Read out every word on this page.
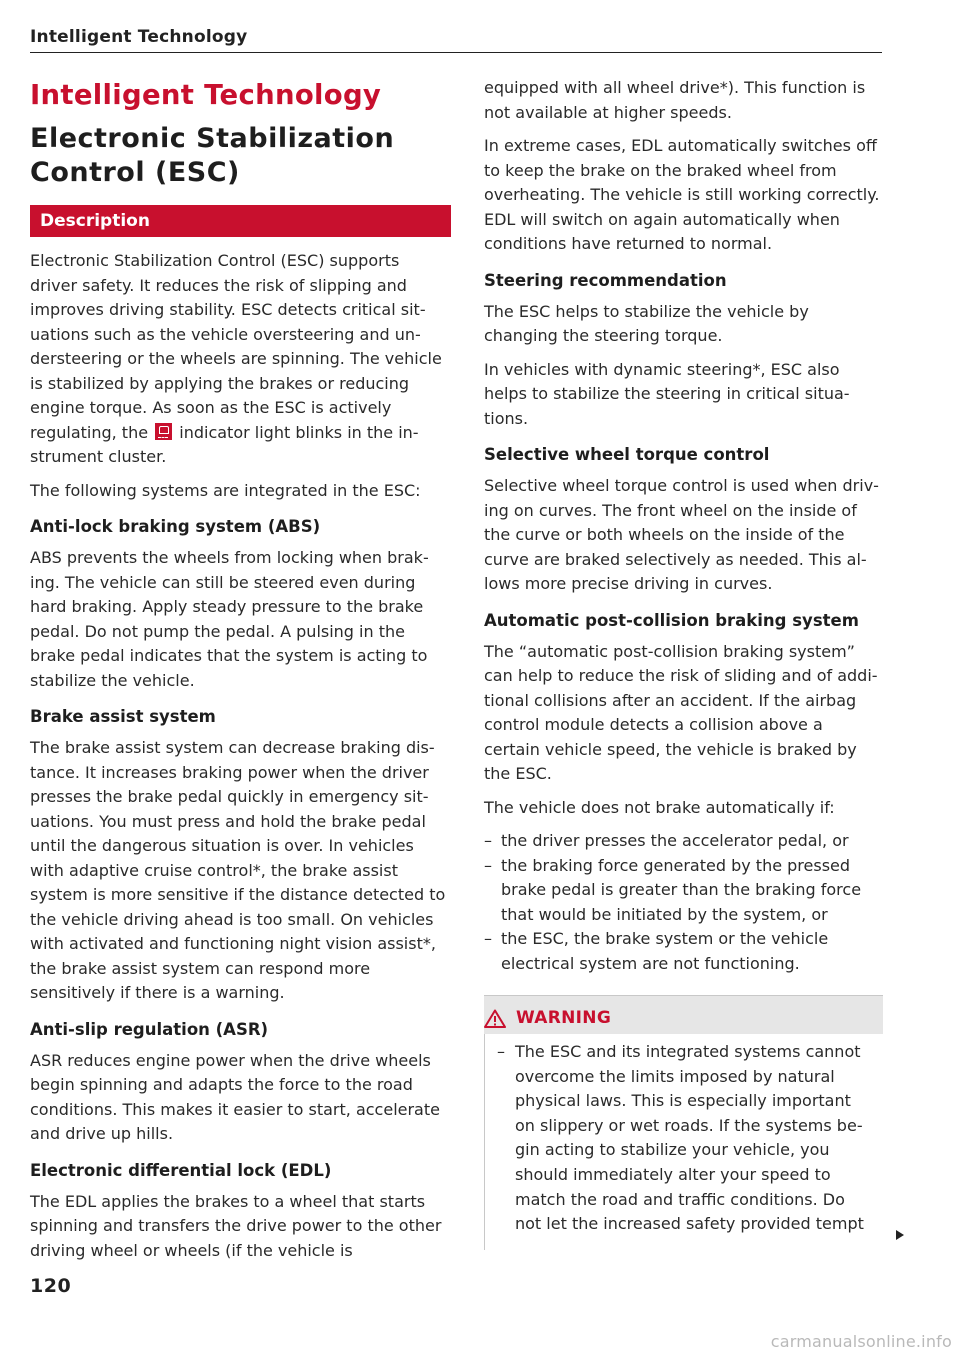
Intelligent Technology
Intelligent Technology
Electronic Stabilization Control (ESC)
Description

Electronic Stabilization Control (ESC) supports driver safety. It reduces the risk of slipping and improves driving stability. ESC detects critical situations such as the vehicle oversteering and understeering or the wheels are spinning. The vehicle is stabilized by applying the brakes or reducing engine torque. As soon as the ESC is actively regulating, the indicator light blinks in the instrument cluster.

The following systems are integrated in the ESC:

Anti-lock braking system (ABS)

ABS prevents the wheels from locking when braking. The vehicle can still be steered even during hard braking. Apply steady pressure to the brake pedal. Do not pump the pedal. A pulsing in the brake pedal indicates that the system is acting to stabilize the vehicle.

Brake assist system

The brake assist system can decrease braking distance. It increases braking power when the driver presses the brake pedal quickly in emergency situations. You must press and hold the brake pedal until the dangerous situation is over. In vehicles with adaptive cruise control*, the brake assist system is more sensitive if the distance detected to the vehicle driving ahead is too small. On vehicles with activated and functioning night vision assist*, the brake assist system can respond more sensitively if there is a warning.

Anti-slip regulation (ASR)

ASR reduces engine power when the drive wheels begin spinning and adapts the force to the road conditions. This makes it easier to start, accelerate and drive up hills.

Electronic differential lock (EDL)

The EDL applies the brakes to a wheel that starts spinning and transfers the drive power to the other driving wheel or wheels (if the vehicle is

equipped with all wheel drive*). This function is not available at higher speeds.

In extreme cases, EDL automatically switches off to keep the brake on the braked wheel from overheating. The vehicle is still working correctly. EDL will switch on again automatically when conditions have returned to normal.

Steering recommendation

The ESC helps to stabilize the vehicle by changing the steering torque.

In vehicles with dynamic steering*, ESC also helps to stabilize the steering in critical situations.

Selective wheel torque control

Selective wheel torque control is used when driving on curves. The front wheel on the inside of the curve or both wheels on the inside of the curve are braked selectively as needed. This allows more precise driving in curves.

Automatic post-collision braking system

The “automatic post-collision braking system” can help to reduce the risk of sliding and of additional collisions after an accident. If the airbag control module detects a collision above a certain vehicle speed, the vehicle is braked by the ESC.

The vehicle does not brake automatically if:

– the driver presses the accelerator pedal, or
– the braking force generated by the pressed brake pedal is greater than the braking force that would be initiated by the system, or
– the ESC, the brake system or the vehicle electrical system are not functioning.
WARNING
– The ESC and its integrated systems cannot overcome the limits imposed by natural physical laws. This is especially important on slippery or wet roads. If the systems begin acting to stabilize your vehicle, you should immediately alter your speed to match the road and traffic conditions. Do not let the increased safety provided tempt
120
carmanualsonline.info
